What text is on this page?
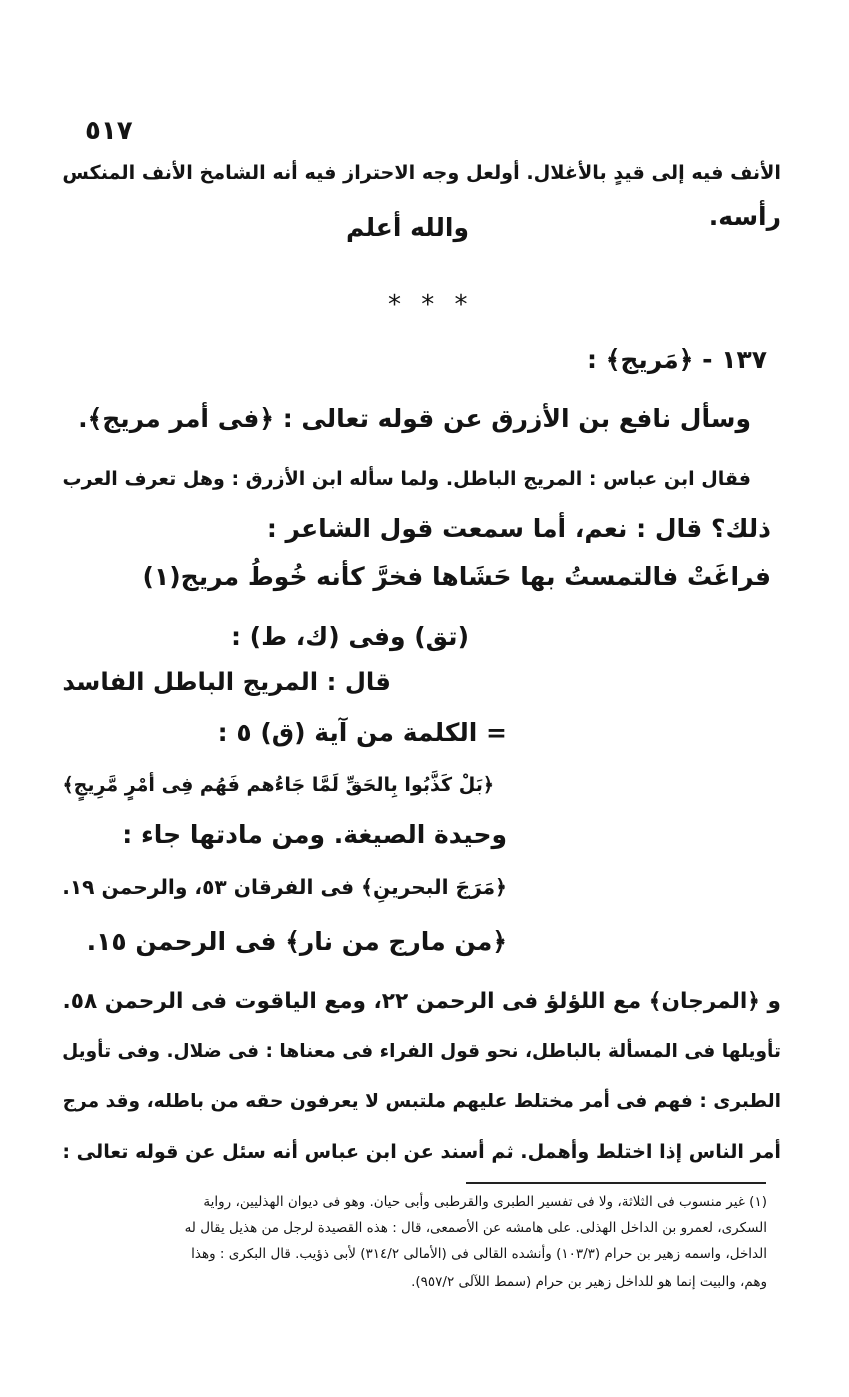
٥١٧
الأنف فيه إلى قيدٍ بالأغلال. أولعل وجه الاحتراز فيه أنه الشامخ الأنف المنكس
رأسه.
والله أعلم
* * *
١٣٧ - ﴿مَريج﴾ :
وسأل نافع بن الأزرق عن قوله تعالى : ﴿فى أمر مريج﴾.
فقال ابن عباس : المريج الباطل. ولما سأله ابن الأزرق : وهل تعرف العرب
ذلك؟ قال : نعم، أما سمعت قول الشاعر :
فراغَتْ فالتمستُ بها حَشَاها فخرَّ كأنه خُوطُ مريج(١)
(تق) وفى (ك، ط) :
قال : المريج الباطل الفاسد
= الكلمة من آية (ق) ٥ :
﴿بَلْ كَذَّبُوا بِالحَقِّ لَمَّا جَاءُهم فَهُم فِى أمْرٍ مَّرِيجٍ﴾
وحيدة الصيغة. ومن مادتها جاء :
﴿مَرَجَ البحرينِ﴾ فى الفرقان ٥٣، والرحمن ١٩.
﴿من مارج من نار﴾ فى الرحمن ١٥.
و ﴿المرجان﴾ مع اللؤلؤ فى الرحمن ٢٢، ومع الياقوت فى الرحمن ٥٨.
تأويلها فى المسألة بالباطل، نحو قول الفراء فى معناها : فى ضلال. وفى تأويل
الطبرى : فهم فى أمر مختلط عليهم ملتبس لا يعرفون حقه من باطله، وقد مرج
أمر الناس إذا اختلط وأهمل. ثم أسند عن ابن عباس أنه سئل عن قوله تعالى :
(١) غير منسوب فى الثلاثة، ولا فى تفسير الطبرى والقرطبى وأبى حيان. وهو فى ديوان الهذليين، رواية
السكرى، لعمرو بن الداخل الهذلى. على هامشه عن الأصمعى، قال : هذه القصيدة لرجل من هذيل يقال له
الداخل، واسمه زهير بن حرام (١٠٣/٣) وأنشده القالى فى (الأمالى ٣١٤/٢) لأبى ذؤيب. قال البكرى : وهذا
وهم، والبيت إنما هو للداخل زهير بن حرام (سمط اللآلى ٩٥٧/٢).
